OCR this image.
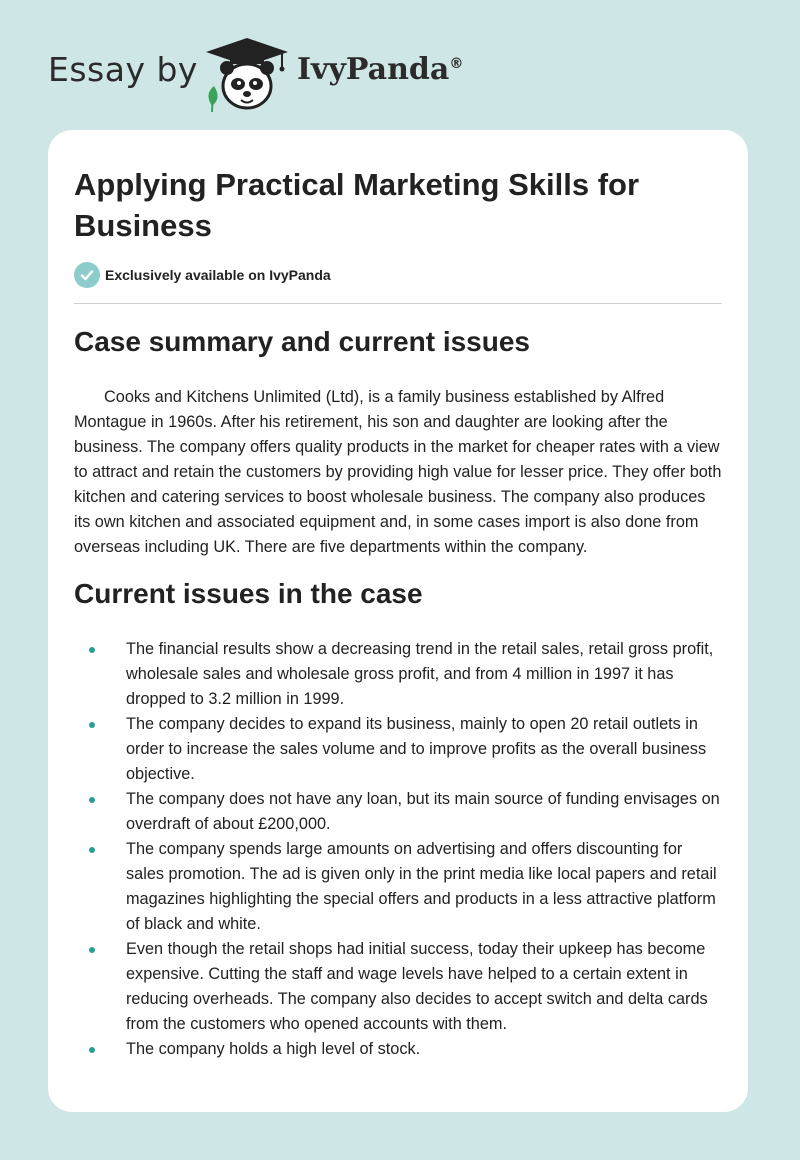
Essay by	IvyPanda®
Applying Practical Marketing Skills for Business
Exclusively available on IvyPanda
Case summary and current issues

Cooks and Kitchens Unlimited (Ltd), is a family business established by Alfred Montague in 1960s. After his retirement, his son and daughter are looking after the business. The company offers quality products in the market for cheaper rates with a view to attract and retain the customers by providing high value for lesser price. They offer both kitchen and catering services to boost wholesale business. The company also produces its own kitchen and associated equipment and, in some cases import is also done from overseas including UK. There are five departments within the company.

Current issues in the case
The financial results show a decreasing trend in the retail sales, retail gross profit, wholesale sales and wholesale gross profit, and from 4 million in 1997 it has dropped to 3.2 million in 1999.
The company decides to expand its business, mainly to open 20 retail outlets in order to increase the sales volume and to improve profits as the overall business objective.
The company does not have any loan, but its main source of funding envisages on overdraft of about £200,000.
The company spends large amounts on advertising and offers discounting for sales promotion. The ad is given only in the print media like local papers and retail magazines highlighting the special offers and products in a less attractive platform of black and white.
Even though the retail shops had initial success, today their upkeep has become expensive. Cutting the staff and wage levels have helped to a certain extent in reducing overheads. The company also decides to accept switch and delta cards from the customers who opened accounts with them.
The company holds a high level of stock.
